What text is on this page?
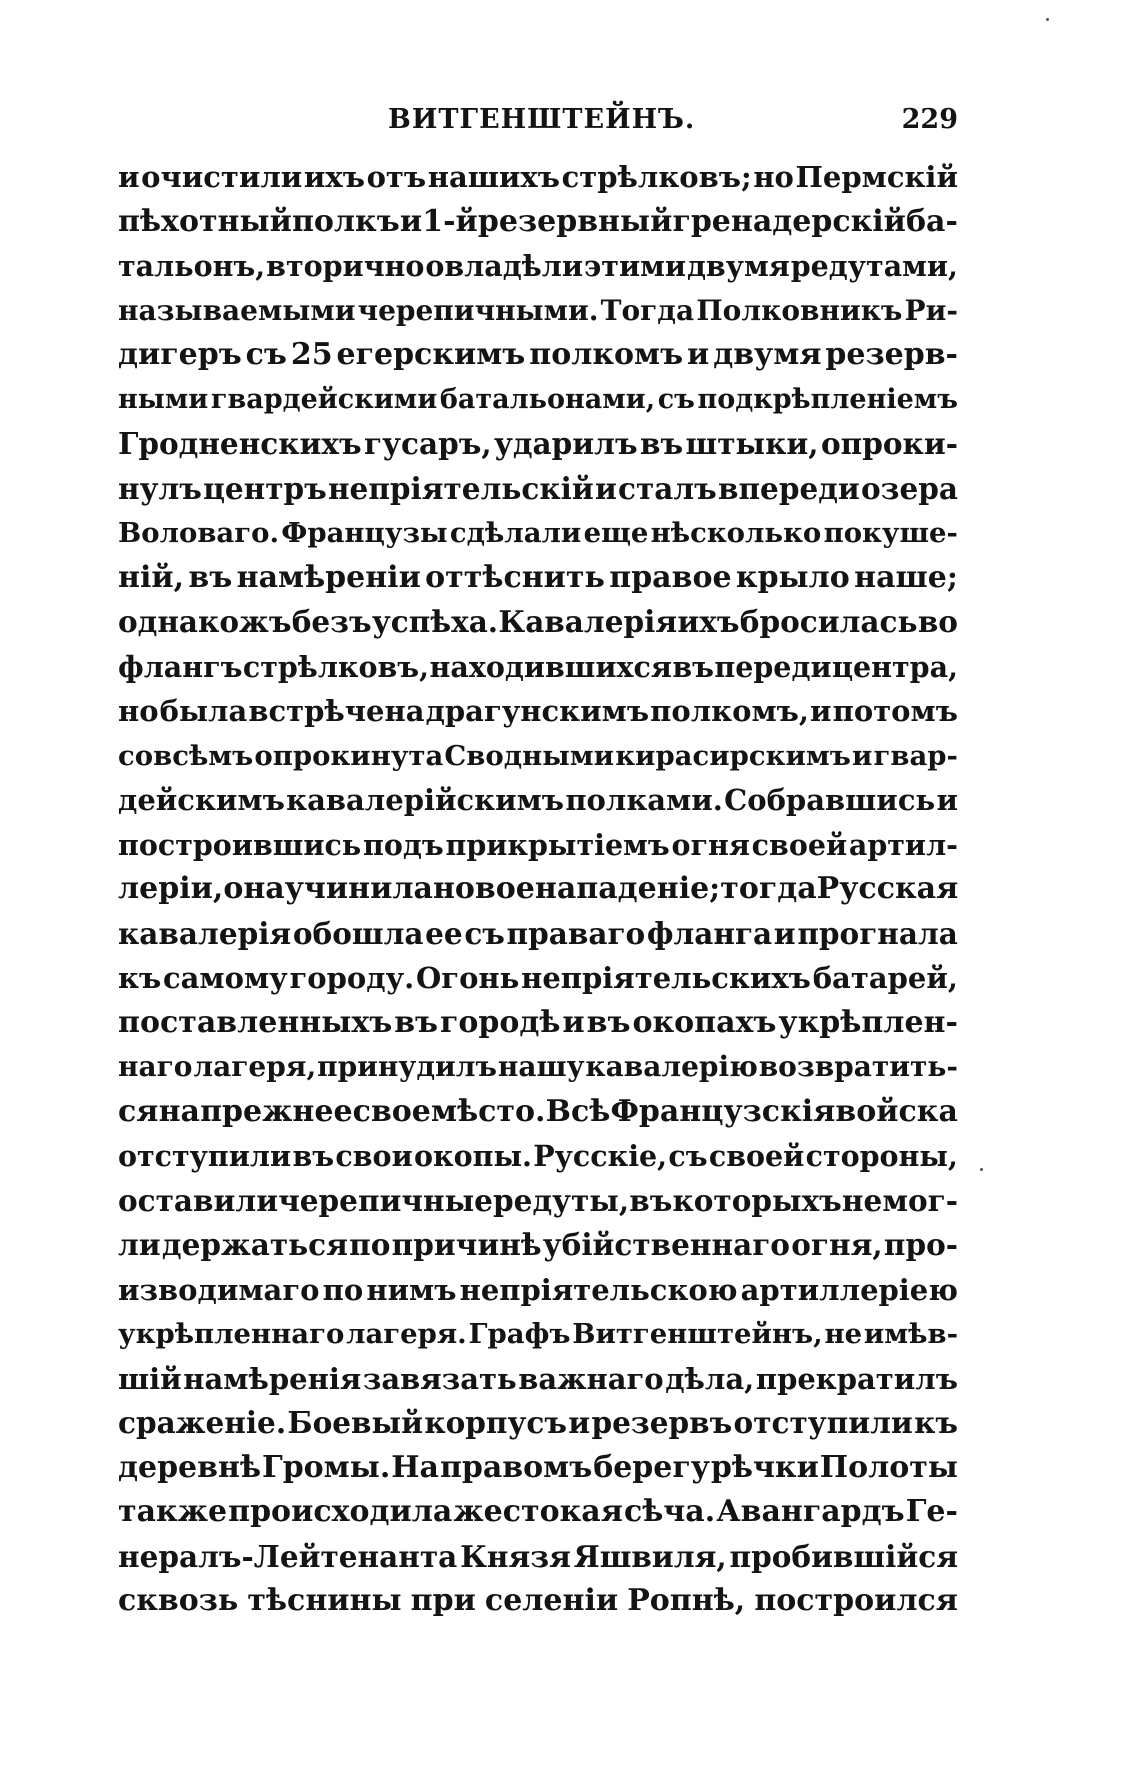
ВИТГЕНШТЕЙНЪ.	229
и очистили ихъ отъ нашихъ стрѣлковъ; но Пермскій
пѣхотный полкъ и 1-й резервный гренадерскій ба-
тальонъ, вторично овладѣли этими двумя редутами,
называемыми черепичными. Тогда Полковникъ Ри-
дигеръ съ 25 егерскимъ полкомъ и двумя резерв-
ными гвардейскими батальонами, съ подкрѣпленіемъ
Гродненскихъ гусаръ, ударилъ въ штыки, опроки-
нулъ центръ непріятельскій и сталъ впереди озера
Воловаго. Французы сдѣлали еще нѣсколько покуше-
ній, въ намѣреніи оттѣснить правое крыло наше;
однакожъ безъ успѣха. Кавалерія ихъ бросилась во
флангъ стрѣлковъ, находившихся въ переди центра,
но была встрѣчена драгунскимъ полкомъ, и потомъ
совсѣмъ опрокинута Сводными кирасирскимъ и гвар-
дейскимъ кавалерійскимъ полками. Собравшись и
построившись подъ прикрытіемъ огня своей артил-
леріи, она учинила новое нападеніе; тогда Русская
кавалерія обошла ее съ праваго фланга и прогнала
къ самому городу. Огонь непріятельскихъ батарей,
поставленныхъ въ городѣ и въ окопахъ укрѣплен-
наго лагеря, принудилъ нашу кавалерію возвратить-
ся на прежнее свое мѣсто. Всѣ Французскія войска
отступили въ свои окопы. Русскіе, съ своей стороны,
оставили черепичные редуты, въ которыхъ не мог-
ли держаться по причинѣ убійственнаго огня, про-
изводимаго по нимъ непріятельскою артиллеріею
укрѣпленнаго лагеря. Графъ Витгенштейнъ, не имѣв-
шій намѣренія завязать важнаго дѣла, прекратилъ
сраженіе. Боевый корпусъ и резервъ отступили къ
деревнѣ Громы. На правомъ берегу рѣчки Полоты
также происходила жестокая сѣча. Авангардъ Ге-
нералъ-Лейтенанта Князя Яшвиля, пробившійся
сквозь тѣснины при селеніи Ропнѣ, построился
